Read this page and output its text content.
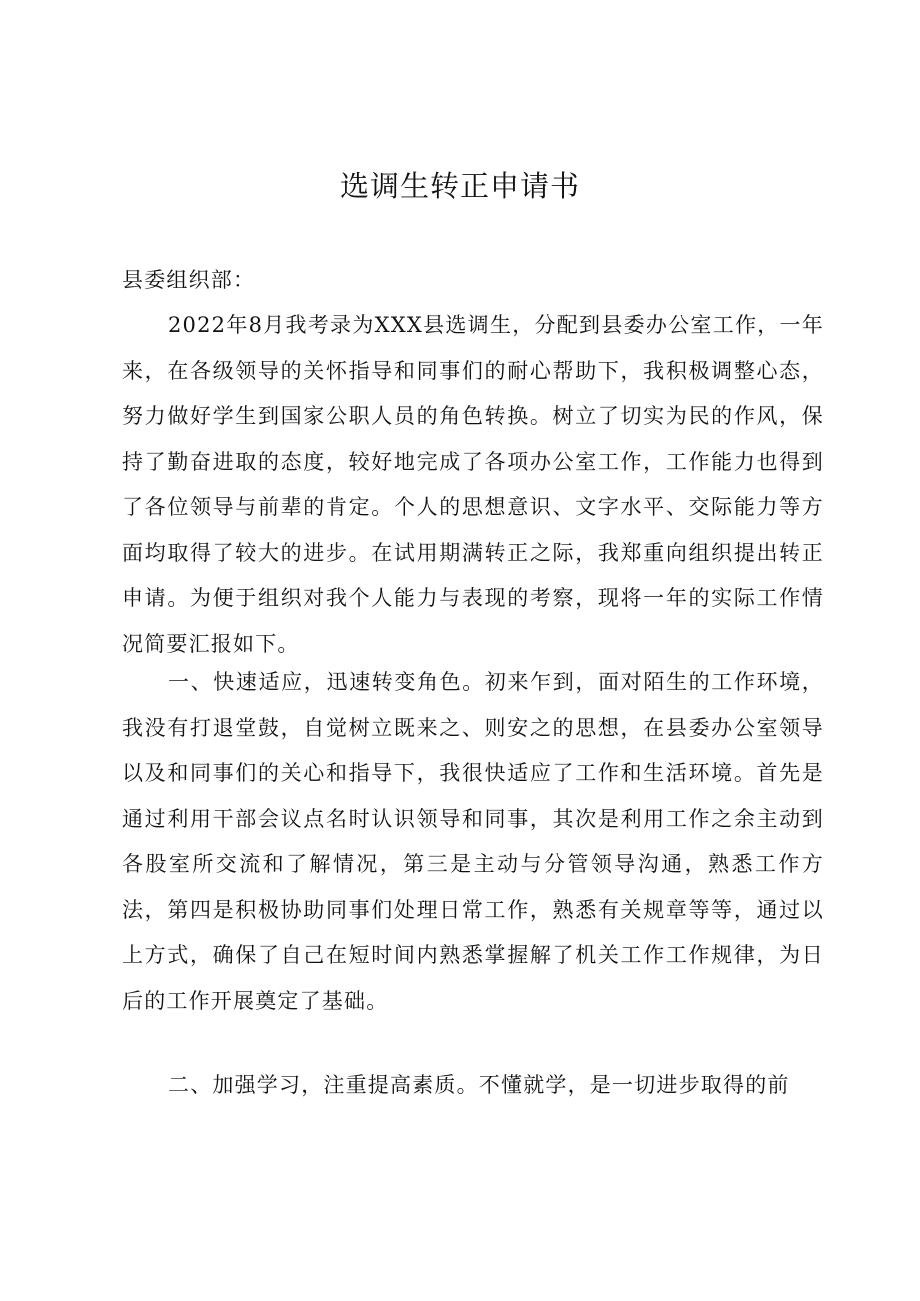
选调生转正申请书

县委组织部：

2022年8月我考录为XXX县选调生，分配到县委办公室工作，一年来，在各级领导的关怀指导和同事们的耐心帮助下，我积极调整心态，努力做好学生到国家公职人员的角色转换。树立了切实为民的作风，保持了勤奋进取的态度，较好地完成了各项办公室工作，工作能力也得到了各位领导与前辈的肯定。个人的思想意识、文字水平、交际能力等方面均取得了较大的进步。在试用期满转正之际，我郑重向组织提出转正申请。为便于组织对我个人能力与表现的考察，现将一年的实际工作情况简要汇报如下。

一、快速适应，迅速转变角色。初来乍到，面对陌生的工作环境，我没有打退堂鼓，自觉树立既来之、则安之的思想，在县委办公室领导以及和同事们的关心和指导下，我很快适应了工作和生活环境。首先是通过利用干部会议点名时认识领导和同事，其次是利用工作之余主动到各股室所交流和了解情况，第三是主动与分管领导沟通，熟悉工作方法，第四是积极协助同事们处理日常工作，熟悉有关规章等等，通过以上方式，确保了自己在短时间内熟悉掌握解了机关工作工作规律，为日后的工作开展奠定了基础。

二、加强学习，注重提高素质。不懂就学，是一切进步取得的前
